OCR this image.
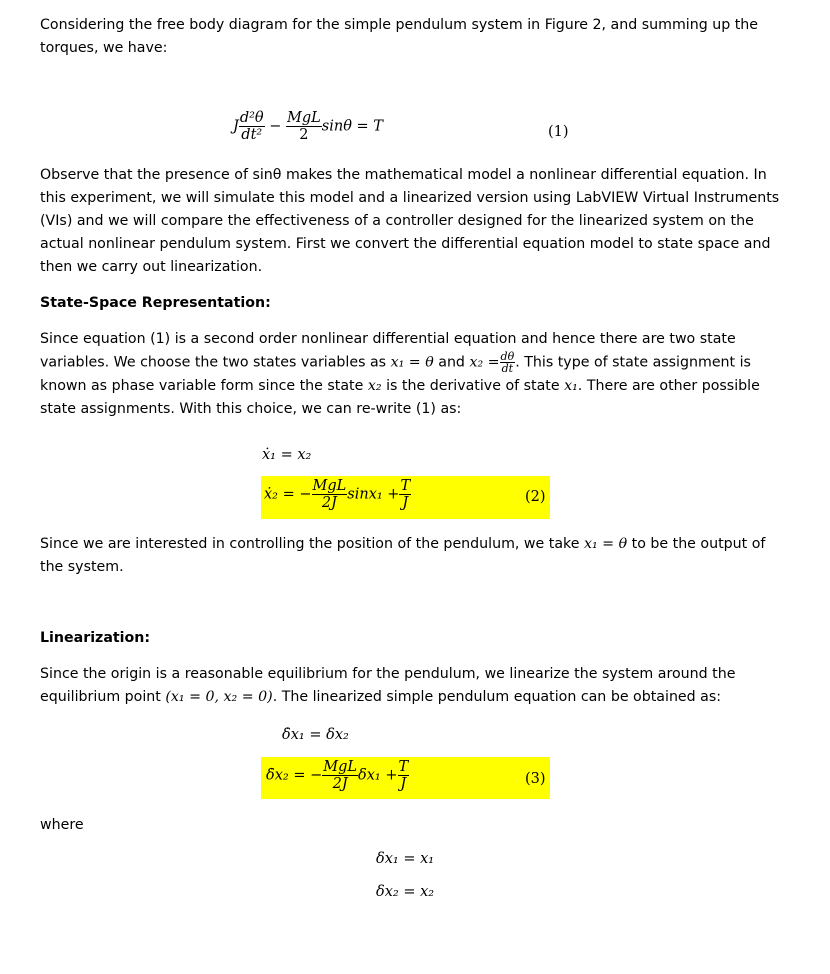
Considering the free body diagram for the simple pendulum system in Figure 2, and summing up the torques, we have:

J $\frac{\text{d²θ}}{\text{dt²}} - \frac{\text{MgL}}{2}$ sinθ = T	(1)

Observe that the presence of sinθ makes the mathematical model a nonlinear differential equation. In this experiment, we will simulate this model and a linearized version using LabVIEW Virtual Instruments (VIs) and we will compare the effectiveness of a controller designed for the linearized system on the actual nonlinear pendulum system. First we convert the differential equation model to state space and then we carry out linearization.

State-Space Representation:

Since equation (1) is a second order nonlinear differential equation and hence there are two state variables. We choose the two states variables as x₁ = θ and $x_2 = \frac{d\theta}{dt}$ . This type of state assignment is known as phase variable form since the state x₂ is the derivative of state x₁. There are other possible state assignments. With this choice, we can re-write (1) as:

ẋ₁ = x₂
ẋ₂ = − $\frac{\text{MgL}}{2J} \sin x_1 + \frac{T}{J}$	(2)

Since we are interested in controlling the position of the pendulum, we take x₁ = θ to be the output of the system.

Linearization:

Since the origin is a reasonable equilibrium for the pendulum, we linearize the system around the equilibrium point (x₁ = 0, x₂ = 0). The linearized simple pendulum equation can be obtained as:

δ̇x₁ = δx₂
δ̇x₂ = − $\frac{\text{MgL}}{2J} \delta x_1 + \frac{T}{J}$	(3)

where

δx₁ = x₁
δx₂ = x₂
